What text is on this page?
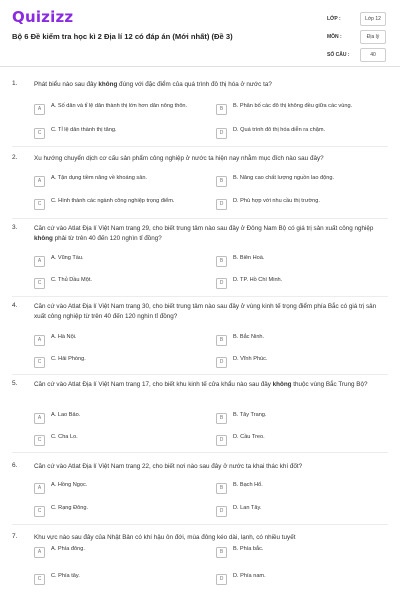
Quizizz
Bộ 6 Đề kiểm tra học kì 2 Địa lí 12 có đáp án (Mới nhất) (Đề 3)
LỚP :	Lớp 12
MÔN :	Địa lý
SỐ CÂU :	40
1.	Phát biểu nào sau đây không đúng với đặc điểm của quá trình đô thị hóa ở nước ta?
A	A. Số dân và tỉ lệ dân thành thị lớn hơn dân nông thôn.	B	B. Phân bố các đô thị không đều giữa các vùng.
C	C. Tỉ lệ dân thành thị tăng.	D	D. Quá trình đô thị hóa diễn ra chậm.
2.	Xu hướng chuyển dịch cơ cấu sản phẩm công nghiệp ở nước ta hiện nay nhằm mục đích nào sau đây?
A	A. Tận dụng tiềm năng về khoáng sản.	B	B. Nâng cao chất lượng nguồn lao động.
C	C. Hình thành các ngành công nghiệp trọng điểm.	D	D. Phù hợp với nhu cầu thị trường.
3.	Căn cứ vào Atlat Địa lí Việt Nam trang 29, cho biết trung tâm nào sau đây ở Đông Nam Bộ có giá trị sản xuất công nghiệp không phải từ trên 40 đến 120 nghìn tỉ đồng?
A	A. Vũng Tàu.	B	B. Biên Hoà.
C	C. Thủ Dầu Một.	D	D. TP. Hồ Chí Minh.
4.	Căn cứ vào Atlat Địa lí Việt Nam trang 30, cho biết trung tâm nào sau đây ở vùng kinh tế trọng điểm phía Bắc có giá trị sản xuất công nghiệp từ trên 40 đến 120 nghìn tỉ đồng?
A	A. Hà Nội.	B	B. Bắc Ninh.
C	C. Hải Phòng.	D	D. Vĩnh Phúc.
5.	Căn cứ vào Atlat Địa lí Việt Nam trang 17, cho biết khu kinh tế cửa khẩu nào sau đây không thuộc vùng Bắc Trung Bộ?
A	A. Lao Bảo.	B	B. Tây Trang.
C	C. Cha Lo.	D	D. Cầu Treo.
6.	Căn cứ vào Atlat Địa lí Việt Nam trang 22, cho biết nơi nào sau đây ở nước ta khai thác khí đốt?
A	A. Hồng Ngọc.	B	B. Bạch Hổ.
C	C. Rạng Đông.	D	D. Lan Tây.
7.	Khu vực nào sau đây của Nhật Bản có khí hậu ôn đới, mùa đông kéo dài, lạnh, có nhiều tuyết
A	A. Phía đông.	B	B. Phía bắc.
C	C. Phía tây.	D	D. Phía nam.
